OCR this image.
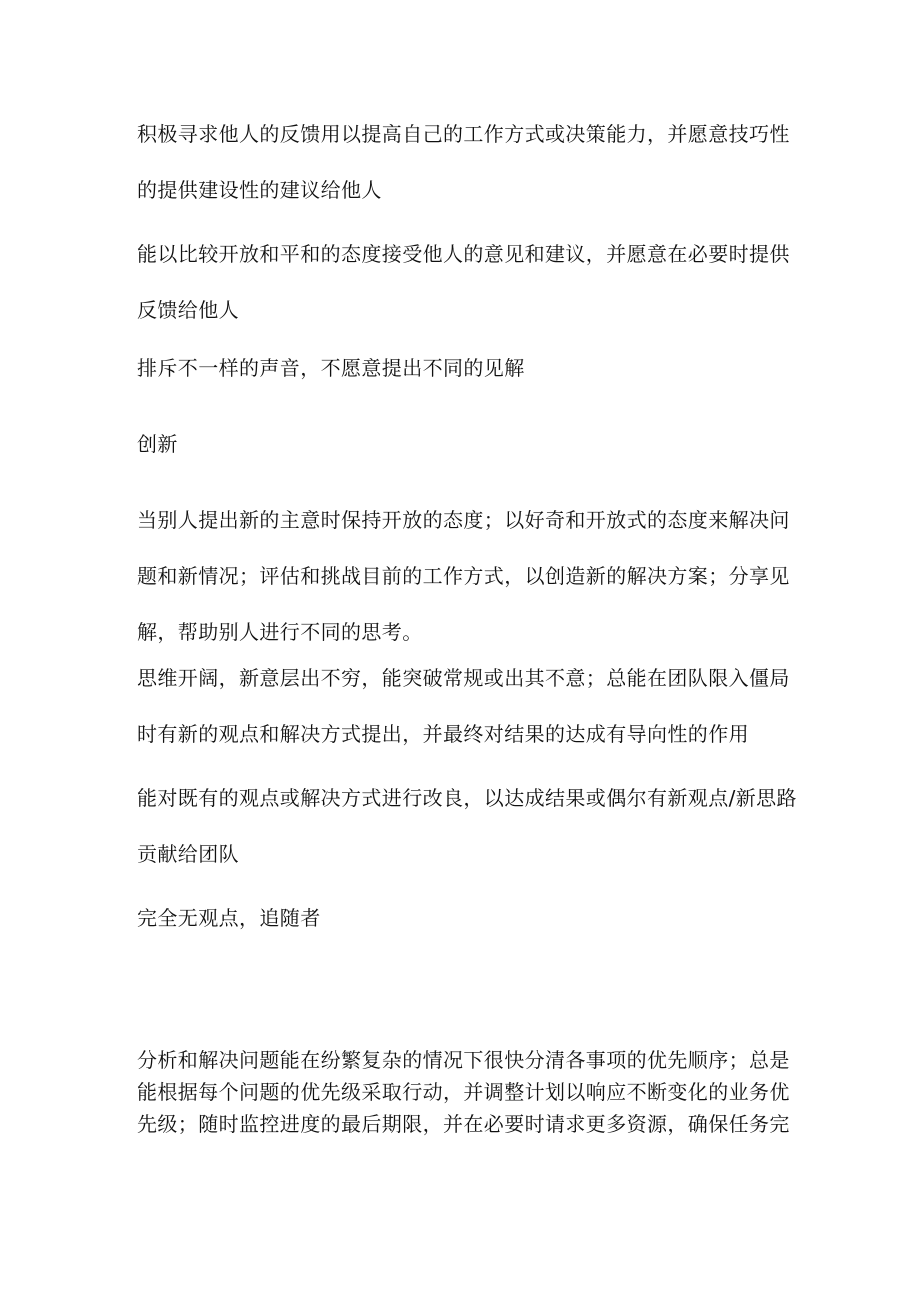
积极寻求他人的反馈用以提高自己的工作方式或决策能力，并愿意技巧性
的提供建设性的建议给他人

能以比较开放和平和的态度接受他人的意见和建议，并愿意在必要时提供
反馈给他人

排斥不一样的声音，不愿意提出不同的见解

创新

当别人提出新的主意时保持开放的态度；以好奇和开放式的态度来解决问
题和新情况；评估和挑战目前的工作方式，以创造新的解决方案；分享见
解，帮助别人进行不同的思考。

思维开阔，新意层出不穷，能突破常规或出其不意；总能在团队限入僵局
时有新的观点和解决方式提出，并最终对结果的达成有导向性的作用

能对既有的观点或解决方式进行改良，以达成结果或偶尔有新观点/新思路
贡献给团队

完全无观点，追随者

分析和解决问题能在纷繁复杂的情况下很快分清各事项的优先顺序；总是
能根据每个问题的优先级采取行动，并调整计划以响应不断变化的业务优
先级；随时监控进度的最后期限，并在必要时请求更多资源，确保任务完
